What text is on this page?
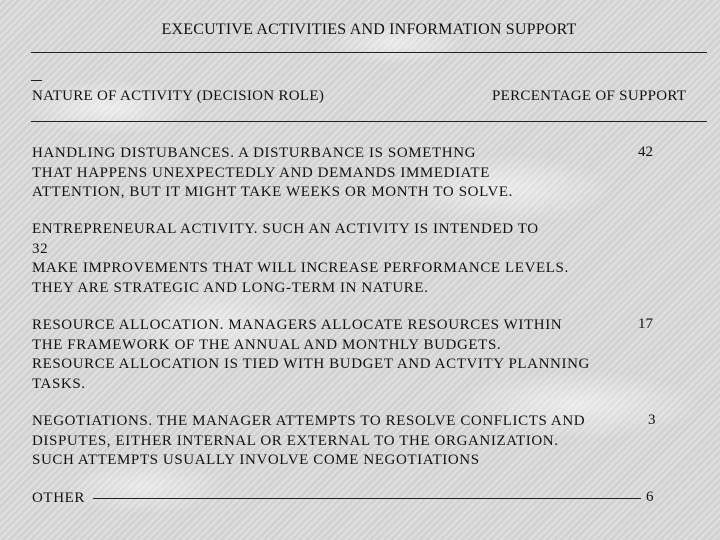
EXECUTIVE ACTIVITIES AND INFORMATION SUPPORT
NATURE OF ACTIVITY (DECISION ROLE)	PERCENTAGE OF SUPPORT
HANDLING DISTUBANCES. A DISTURBANCE IS SOMETHNG
THAT HAPPENS UNEXPECTEDLY AND DEMANDS IMMEDIATE
ATTENTION, BUT IT MIGHT TAKE WEEKS OR MONTH TO SOLVE.
42
ENTREPRENEURAL ACTIVITY. SUCH AN ACTIVITY IS INTENDED TO
32
MAKE IMPROVEMENTS THAT WILL INCREASE PERFORMANCE LEVELS.
THEY ARE STRATEGIC AND LONG-TERM IN NATURE.
RESOURCE ALLOCATION. MANAGERS ALLOCATE RESOURCES WITHIN
THE FRAMEWORK OF THE ANNUAL AND MONTHLY BUDGETS.
RESOURCE ALLOCATION IS TIED WITH BUDGET AND ACTVITY PLANNING
TASKS.
17
NEGOTIATIONS. THE MANAGER ATTEMPTS TO RESOLVE CONFLICTS AND
DISPUTES, EITHER INTERNAL OR EXTERNAL TO THE ORGANIZATION.
SUCH ATTEMPTS USUALLY INVOLVE COME NEGOTIATIONS
3
OTHER	6
